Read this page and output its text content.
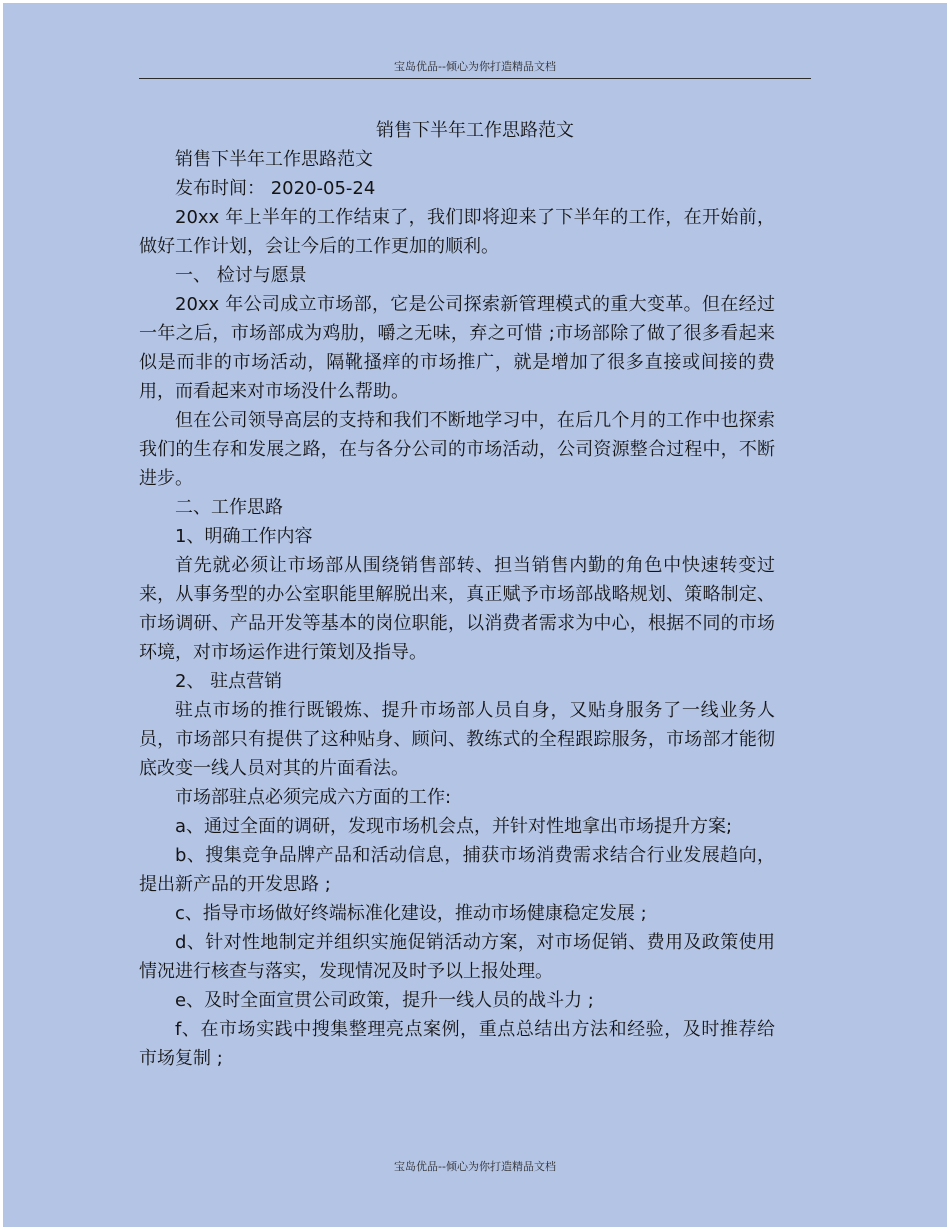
宝岛优品--倾心为你打造精品文档
销售下半年工作思路范文

销售下半年工作思路范文

发布时间： 2020-05-24

20xx 年上半年的工作结束了，我们即将迎来了下半年的工作，在开始前，做好工作计划，会让今后的工作更加的顺利。

一、 检讨与愿景

20xx 年公司成立市场部，它是公司探索新管理模式的重大变革。但在经过一年之后，市场部成为鸡肋，嚼之无味，弃之可惜 ;市场部除了做了很多看起来似是而非的市场活动，隔靴搔痒的市场推广，就是增加了很多直接或间接的费用，而看起来对市场没什么帮助。

但在公司领导高层的支持和我们不断地学习中，在后几个月的工作中也探索我们的生存和发展之路，在与各分公司的市场活动，公司资源整合过程中，不断进步。

二、工作思路

1、明确工作内容

首先就必须让市场部从围绕销售部转、担当销售内勤的角色中快速转变过来，从事务型的办公室职能里解脱出来，真正赋予市场部战略规划、策略制定、市场调研、产品开发等基本的岗位职能，以消费者需求为中心，根据不同的市场环境，对市场运作进行策划及指导。

2、 驻点营销

驻点市场的推行既锻炼、提升市场部人员自身，又贴身服务了一线业务人员，市场部只有提供了这种贴身、顾问、教练式的全程跟踪服务，市场部才能彻底改变一线人员对其的片面看法。

市场部驻点必须完成六方面的工作:

a、通过全面的调研，发现市场机会点，并针对性地拿出市场提升方案;

b、搜集竞争品牌产品和活动信息，捕获市场消费需求结合行业发展趋向，提出新产品的开发思路 ;

c、指导市场做好终端标准化建设，推动市场健康稳定发展 ;

d、针对性地制定并组织实施促销活动方案，对市场促销、费用及政策使用情况进行核查与落实，发现情况及时予以上报处理。

e、及时全面宣贯公司政策，提升一线人员的战斗力 ;

f、在市场实践中搜集整理亮点案例，重点总结出方法和经验，及时推荐给市场复制 ;

宝岛优品--倾心为你打造精品文档
